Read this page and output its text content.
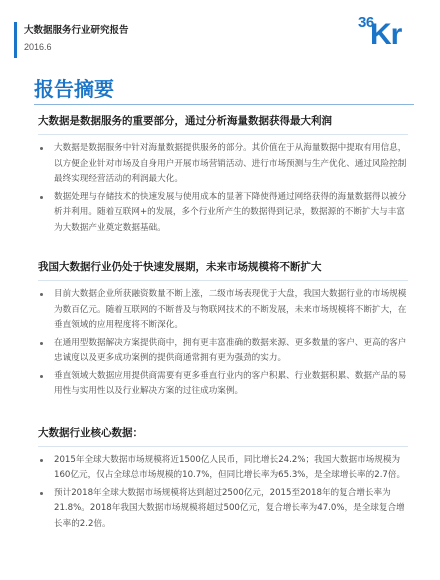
大数据服务行业研究报告
2016.6
36
Kr
报告摘要
大数据是数据服务的重要部分，通过分析海量数据获得最大利润
大数据是数据服务中针对海量数据提供服务的部分。其价值在于从海量数据中提取有用信息，以方便企业针对市场及自身用户开展市场营销活动、进行市场预测与生产优化、通过风险控制最终实现经营活动的利润最大化。
数据处理与存储技术的快速发展与使用成本的显著下降使得通过网络获得的海量数据得以被分析并利用。随着互联网+的发展，多个行业所产生的数据得到记录，数据源的不断扩大与丰富为大数据产业奠定数据基础。
我国大数据行业仍处于快速发展期，未来市场规模将不断扩大
目前大数据企业所获融资数量不断上涨，二级市场表现优于大盘，我国大数据行业的市场规模为数百亿元。随着互联网的不断普及与物联网技术的不断发展，未来市场规模将不断扩大，在垂直领域的应用程度将不断深化。
在通用型数据解决方案提供商中，拥有更丰富准确的数据来源、更多数量的客户、更高的客户忠诚度以及更多成功案例的提供商通常拥有更为强劲的实力。
垂直领域大数据应用提供商需要有更多垂直行业内的客户积累、行业数据积累、数据产品的易用性与实用性以及行业解决方案的过往成功案例。
大数据行业核心数据：
2015年全球大数据市场规模将近1500亿人民币，同比增长24.2%；我国大数据市场规模为160亿元，仅占全球总市场规模的10.7%，但同比增长率为65.3%，是全球增长率的2.7倍。
预计2018年全球大数据市场规模将达到超过2500亿元，2015至2018年的复合增长率为21.8%。2018年我国大数据市场规模将超过500亿元，复合增长率为47.0%，是全球复合增长率的2.2倍。
